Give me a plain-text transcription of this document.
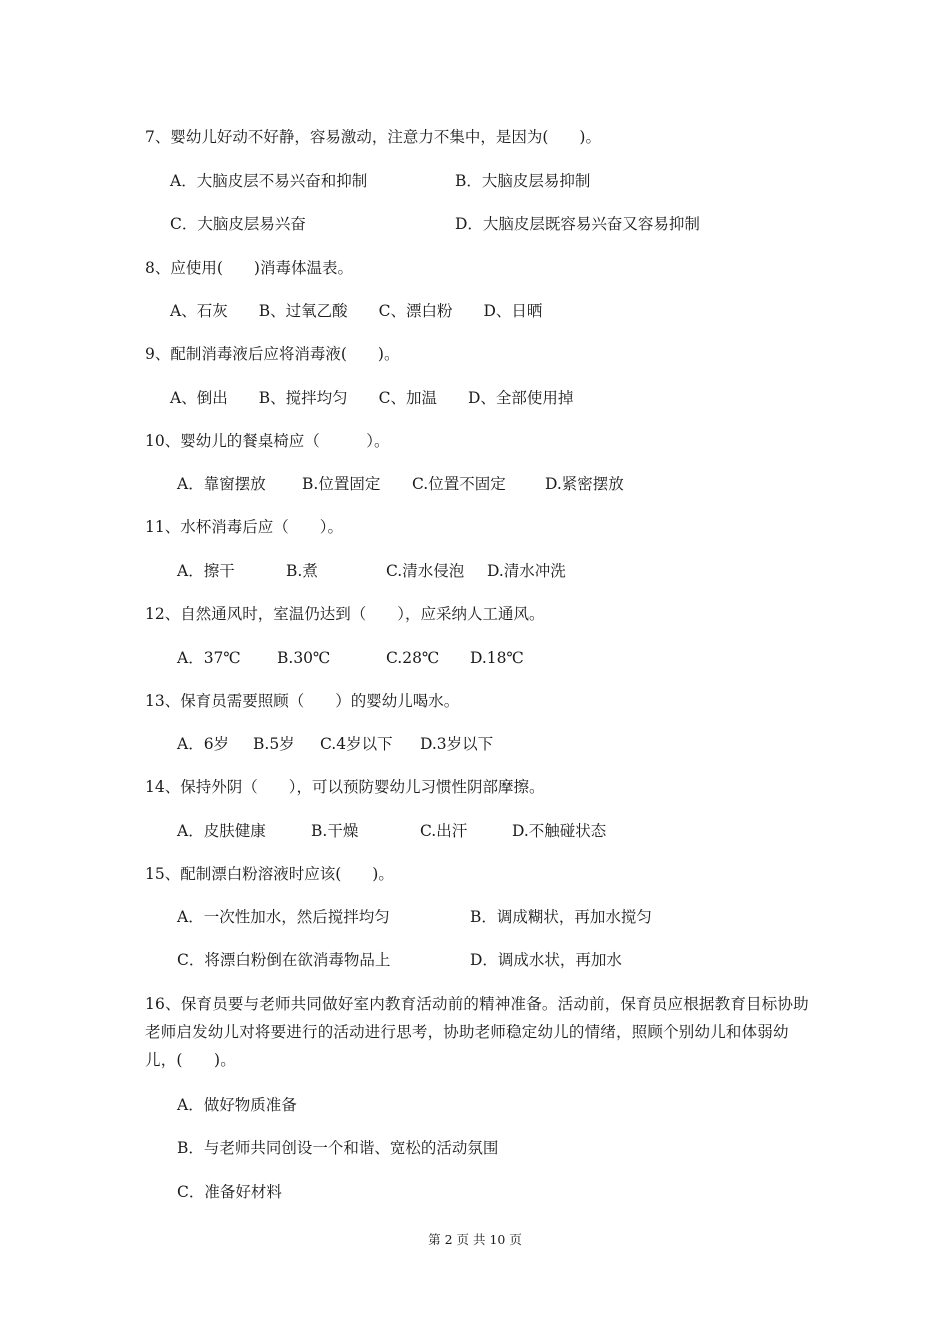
7、婴幼儿好动不好静，容易激动，注意力不集中，是因为(　　)。
A．大脑皮层不易兴奋和抑制	B．大脑皮层易抑制
C．大脑皮层易兴奋	D．大脑皮层既容易兴奋又容易抑制
8、应使用(　　)消毒体温表。
A、石灰　　B、过氧乙酸　　C、漂白粉　　D、日晒
9、配制消毒液后应将消毒液(　　)。
A、倒出　　B、搅拌均匀　　C、加温　　D、全部使用掉
10、婴幼儿的餐桌椅应（　　　）。
A．靠窗摆放 B.位置固定 C.位置不固定	D.紧密摆放
11、水杯消毒后应（　　）。
A．擦干	B.煮	C.清水侵泡 D.清水冲洗
12、自然通风时，室温仍达到（　　），应采纳人工通风。
A．37℃ B.30℃	C.28℃ D.18℃
13、保育员需要照顾（　　）的婴幼儿喝水。
A．6岁 B.5岁 C.4岁以下 D.3岁以下
14、保持外阴（　　），可以预防婴幼儿习惯性阴部摩擦。
A．皮肤健康	B.干燥	C.出汗	D.不触碰状态
15、配制漂白粉溶液时应该(　　)。
A．一次性加水，然后搅拌均匀	B．调成糊状，再加水搅匀
C．将漂白粉倒在欲消毒物品上	D．调成水状，再加水
16、保育员要与老师共同做好室内教育活动前的精神准备。活动前，保育员应根据教育目标协助老师启发幼儿对将要进行的活动进行思考，协助老师稳定幼儿的情绪，照顾个别幼儿和体弱幼儿，(　　)。
A．做好物质准备
B．与老师共同创设一个和谐、宽松的活动氛围
C．准备好材料
第 2 页 共 10 页
